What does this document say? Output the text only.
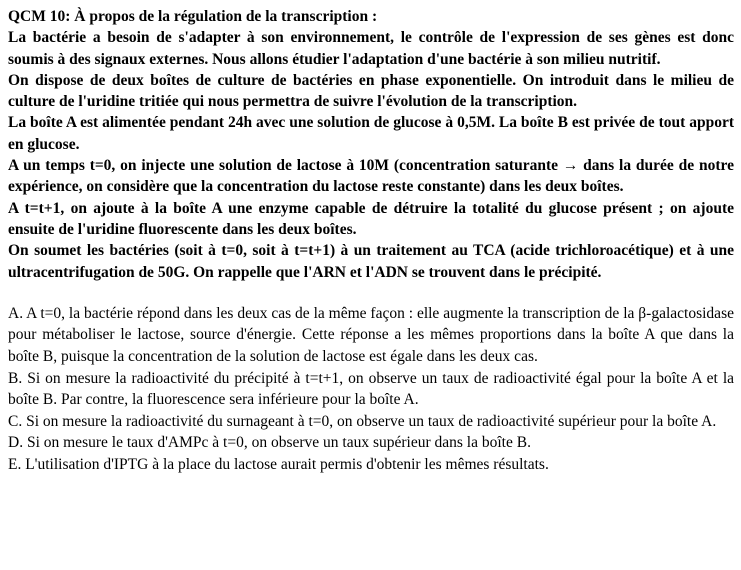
QCM 10: À propos de la régulation de la transcription :

La bactérie a besoin de s'adapter à son environnement, le contrôle de l'expression de ses gènes est donc soumis à des signaux externes. Nous allons étudier l'adaptation d'une bactérie à son milieu nutritif.

On dispose de deux boîtes de culture de bactéries en phase exponentielle. On introduit dans le milieu de culture de l'uridine tritiée qui nous permettra de suivre l'évolution de la transcription.

La boîte A est alimentée pendant 24h avec une solution de glucose à 0,5M. La boîte B est privée de tout apport en glucose.

A un temps t=0, on injecte une solution de lactose à 10M (concentration saturante → dans la durée de notre expérience, on considère que la concentration du lactose reste constante) dans les deux boîtes.

A t=t+1, on ajoute à la boîte A une enzyme capable de détruire la totalité du glucose présent ; on ajoute ensuite de l'uridine fluorescente dans les deux boîtes.

On soumet les bactéries (soit à t=0, soit à t=t+1) à un traitement au TCA (acide trichloroacétique) et à une ultracentrifugation de 50G. On rappelle que l'ARN et l'ADN se trouvent dans le précipité.

A. A t=0, la bactérie répond dans les deux cas de la même façon : elle augmente la transcription de la β-galactosidase pour métaboliser le lactose, source d'énergie. Cette réponse a les mêmes proportions dans la boîte A que dans la boîte B, puisque la concentration de la solution de lactose est égale dans les deux cas.

B. Si on mesure la radioactivité du précipité à t=t+1, on observe un taux de radioactivité égal pour la boîte A et la boîte B. Par contre, la fluorescence sera inférieure pour la boîte A.

C. Si on mesure la radioactivité du surnageant à t=0, on observe un taux de radioactivité supérieur pour la boîte A.

D. Si on mesure le taux d'AMPc à t=0, on observe un taux supérieur dans la boîte B.

E. L'utilisation d'IPTG à la place du lactose aurait permis d'obtenir les mêmes résultats.
